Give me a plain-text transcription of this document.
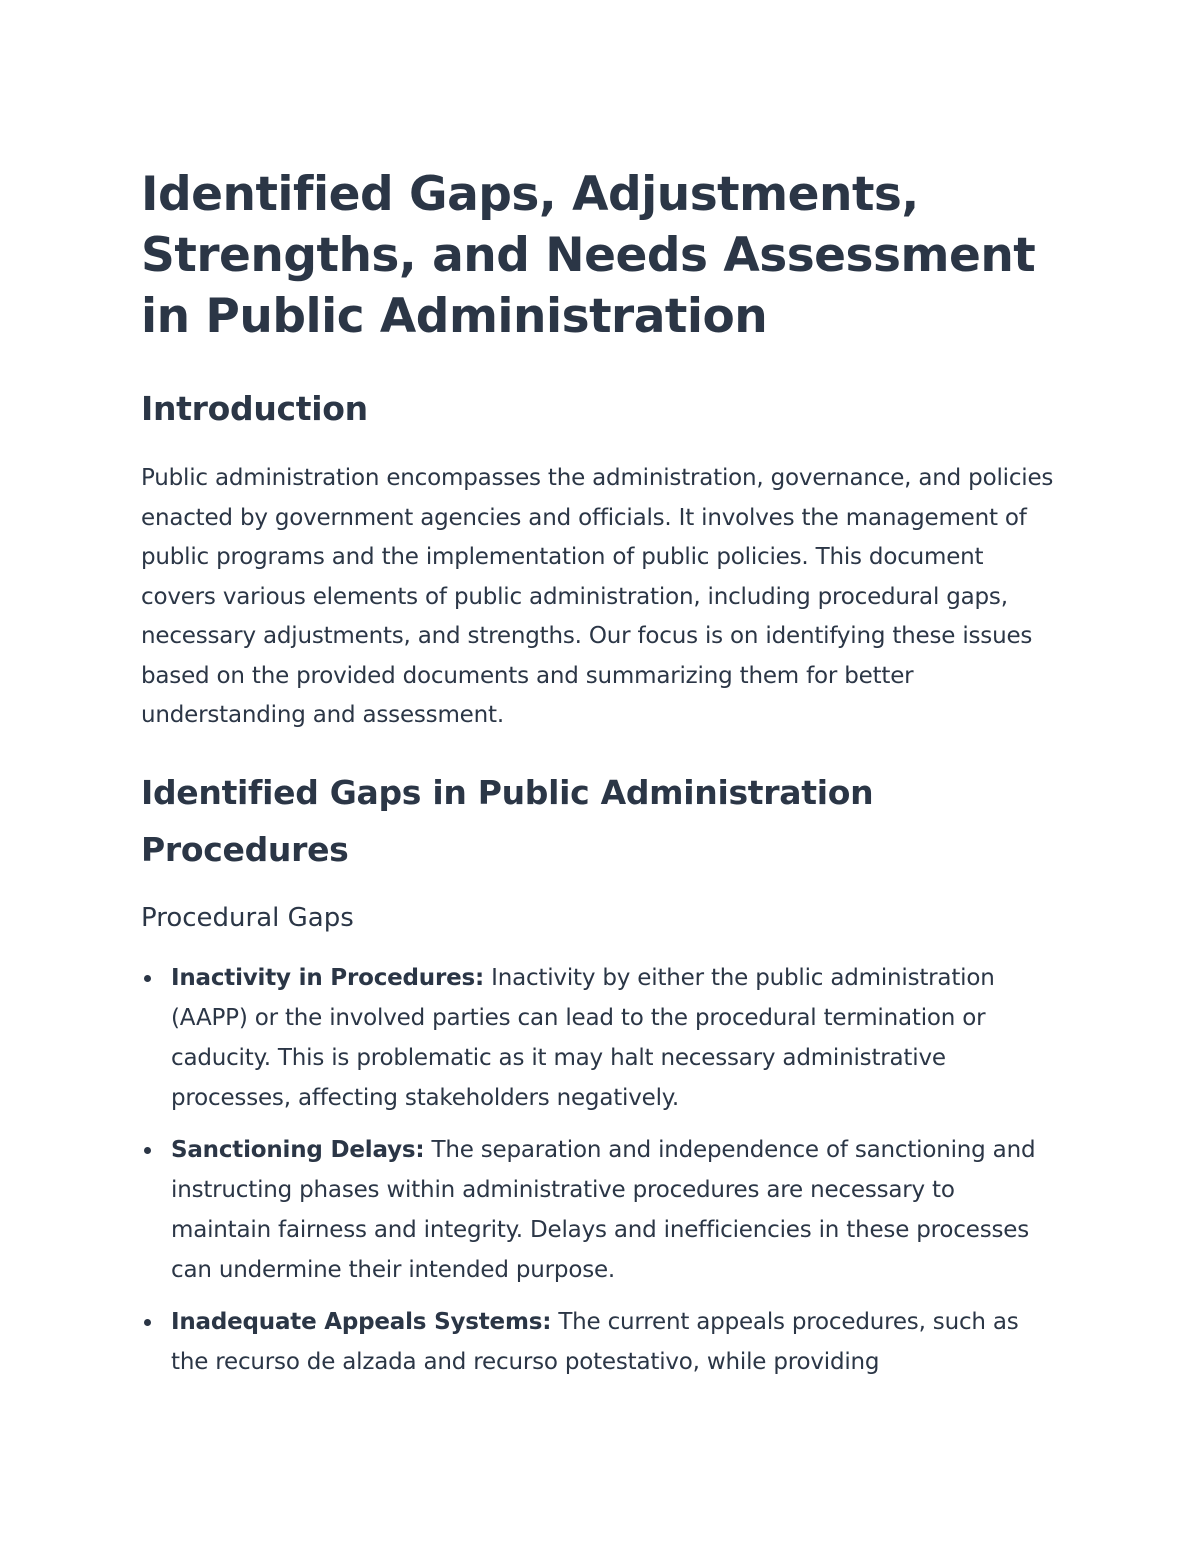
Identified Gaps, Adjustments, Strengths, and Needs Assessment in Public Administration
Introduction

Public administration encompasses the administration, governance, and policies enacted by government agencies and officials. It involves the management of public programs and the implementation of public policies. This document covers various elements of public administration, including procedural gaps, necessary adjustments, and strengths. Our focus is on identifying these issues based on the provided documents and summarizing them for better understanding and assessment.

Identified Gaps in Public Administration Procedures
Procedural Gaps
Inactivity in Procedures: Inactivity by either the public administration (AAPP) or the involved parties can lead to the procedural termination or caducity. This is problematic as it may halt necessary administrative processes, affecting stakeholders negatively.
Sanctioning Delays: The separation and independence of sanctioning and instructing phases within administrative procedures are necessary to maintain fairness and integrity. Delays and inefficiencies in these processes can undermine their intended purpose.
Inadequate Appeals Systems: The current appeals procedures, such as the recurso de alzada and recurso potestativo, while providing
